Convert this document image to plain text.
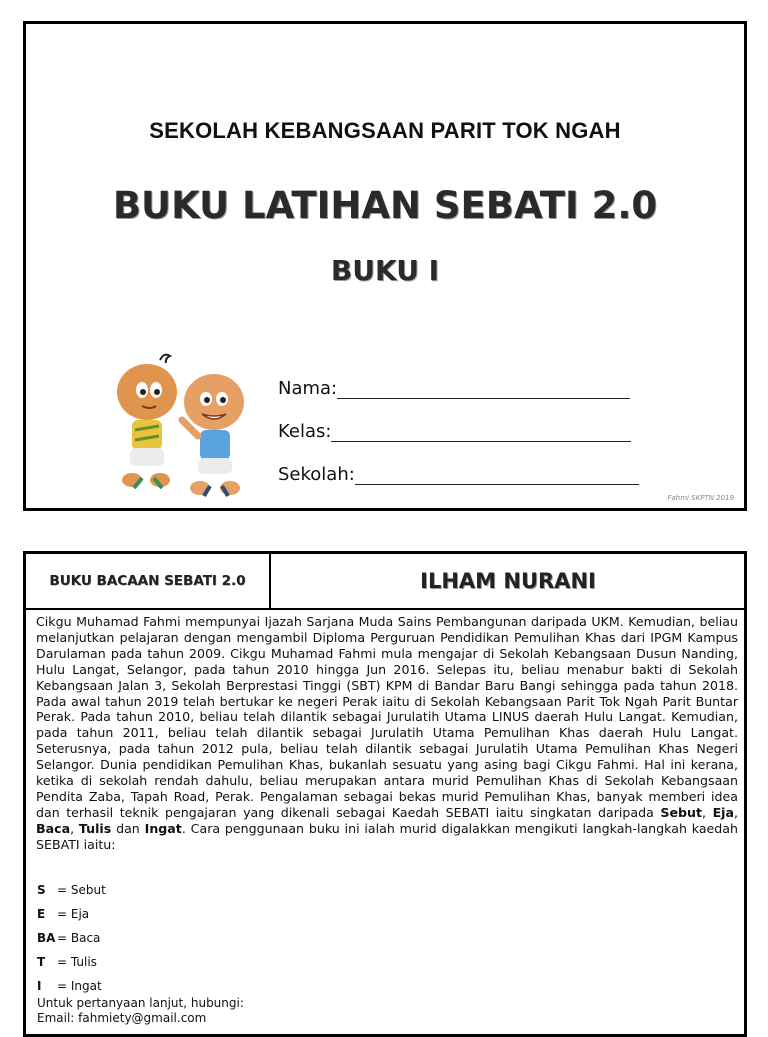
SEKOLAH KEBANGSAAN PARIT TOK NGAH
BUKU LATIHAN SEBATI 2.0
BUKU I
Nama:
Kelas:
Sekolah:
Fahmi SKPTN 2019
BUKU BACAAN SEBATI 2.0	ILHAM NURANI
Cikgu Muhamad Fahmi mempunyai Ijazah Sarjana Muda Sains Pembangunan daripada UKM. Kemudian, beliau melanjutkan pelajaran dengan mengambil Diploma Perguruan Pendidikan Pemulihan Khas dari IPGM Kampus Darulaman pada tahun 2009. Cikgu Muhamad Fahmi mula mengajar di Sekolah Kebangsaan Dusun Nanding, Hulu Langat, Selangor, pada tahun 2010 hingga Jun 2016. Selepas itu, beliau menabur bakti di Sekolah Kebangsaan Jalan 3, Sekolah Berprestasi Tinggi (SBT) KPM di Bandar Baru Bangi sehingga pada tahun 2018. Pada awal tahun 2019 telah bertukar ke negeri Perak iaitu di Sekolah Kebangsaan Parit Tok Ngah Parit Buntar Perak. Pada tahun 2010, beliau telah dilantik sebagai Jurulatih Utama LINUS daerah Hulu Langat. Kemudian, pada tahun 2011, beliau telah dilantik sebagai Jurulatih Utama Pemulihan Khas daerah Hulu Langat. Seterusnya, pada tahun 2012 pula, beliau telah dilantik sebagai Jurulatih Utama Pemulihan Khas Negeri Selangor. Dunia pendidikan Pemulihan Khas, bukanlah sesuatu yang asing bagi Cikgu Fahmi. Hal ini kerana, ketika di sekolah rendah dahulu, beliau merupakan antara murid Pemulihan Khas di Sekolah Kebangsaan Pendita Zaba, Tapah Road, Perak. Pengalaman sebagai bekas murid Pemulihan Khas, banyak memberi idea dan terhasil teknik pengajaran yang dikenali sebagai Kaedah SEBATI iaitu singkatan daripada Sebut, Eja, Baca, Tulis dan Ingat. Cara penggunaan buku ini ialah murid digalakkan mengikuti langkah-langkah kaedah SEBATI iaitu:
S = Sebut
E = Eja
BA = Baca
T = Tulis
I	= Ingat
Untuk pertanyaan lanjut, hubungi:
Email: fahmiety@gmail.com
